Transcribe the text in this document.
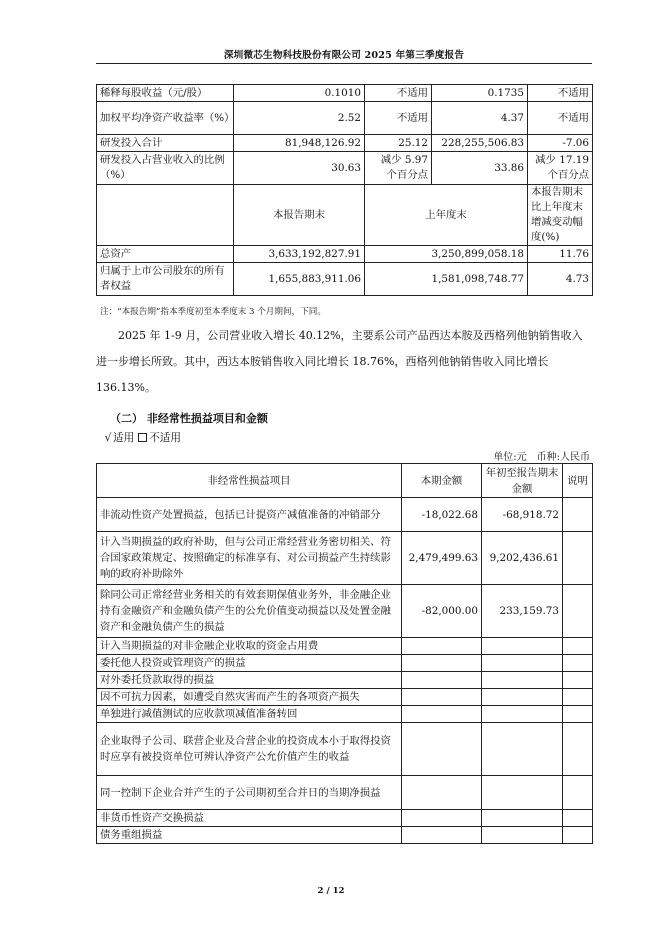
深圳微芯生物科技股份有限公司 2025 年第三季度报告
稀释每股收益（元/股）	0.1010	不适用	0.1735	不适用
加权平均净资产收益率（%）	2.52	不适用	4.37	不适用
研发投入合计	81,948,126.92	25.12	228,255,506.83	-7.06
研发投入占营业收入的比例（%）	30.63	减少 5.97 个百分点	33.86	减少 17.19 个百分点
	本报告期末	上年度末		本报告期末比上年度末增减变动幅度(%)
总资产	3,633,192,827.91	3,250,899,058.18		11.76
归属于上市公司股东的所有者权益	1,655,883,911.06	1,581,098,748.77		4.73
注：“本报告期”指本季度初至本季度末 3 个月期间，下同。
2025 年 1-9 月，公司营业收入增长 40.12%，主要系公司产品西达本胺及西格列他钠销售收入
进一步增长所致。其中，西达本胺销售收入同比增长 18.76%，西格列他钠销售收入同比增长
136.13%。
（二） 非经常性损益项目和金额
√ 适用 不适用
单位:元　币种:人民币
非经常性损益项目	本期金额	年初至报告期末金额	说明
非流动性资产处置损益，包括已计提资产减值准备的冲销部分	-18,022.68	-68,918.72	
计入当期损益的政府补助，但与公司正常经营业务密切相关、符合国家政策规定、按照确定的标准享有、对公司损益产生持续影响的政府补助除外	2,479,499.63	9,202,436.61	
除同公司正常经营业务相关的有效套期保值业务外，非金融企业持有金融资产和金融负债产生的公允价值变动损益以及处置金融资产和金融负债产生的损益	-82,000.00	233,159.73	
计入当期损益的对非金融企业收取的资金占用费			
委托他人投资或管理资产的损益			
对外委托贷款取得的损益			
因不可抗力因素，如遭受自然灾害而产生的各项资产损失			
单独进行减值测试的应收款项减值准备转回			
企业取得子公司、联营企业及合营企业的投资成本小于取得投资时应享有被投资单位可辨认净资产公允价值产生的收益			
同一控制下企业合并产生的子公司期初至合并日的当期净损益			
非货币性资产交换损益			
债务重组损益			
2 / 12
